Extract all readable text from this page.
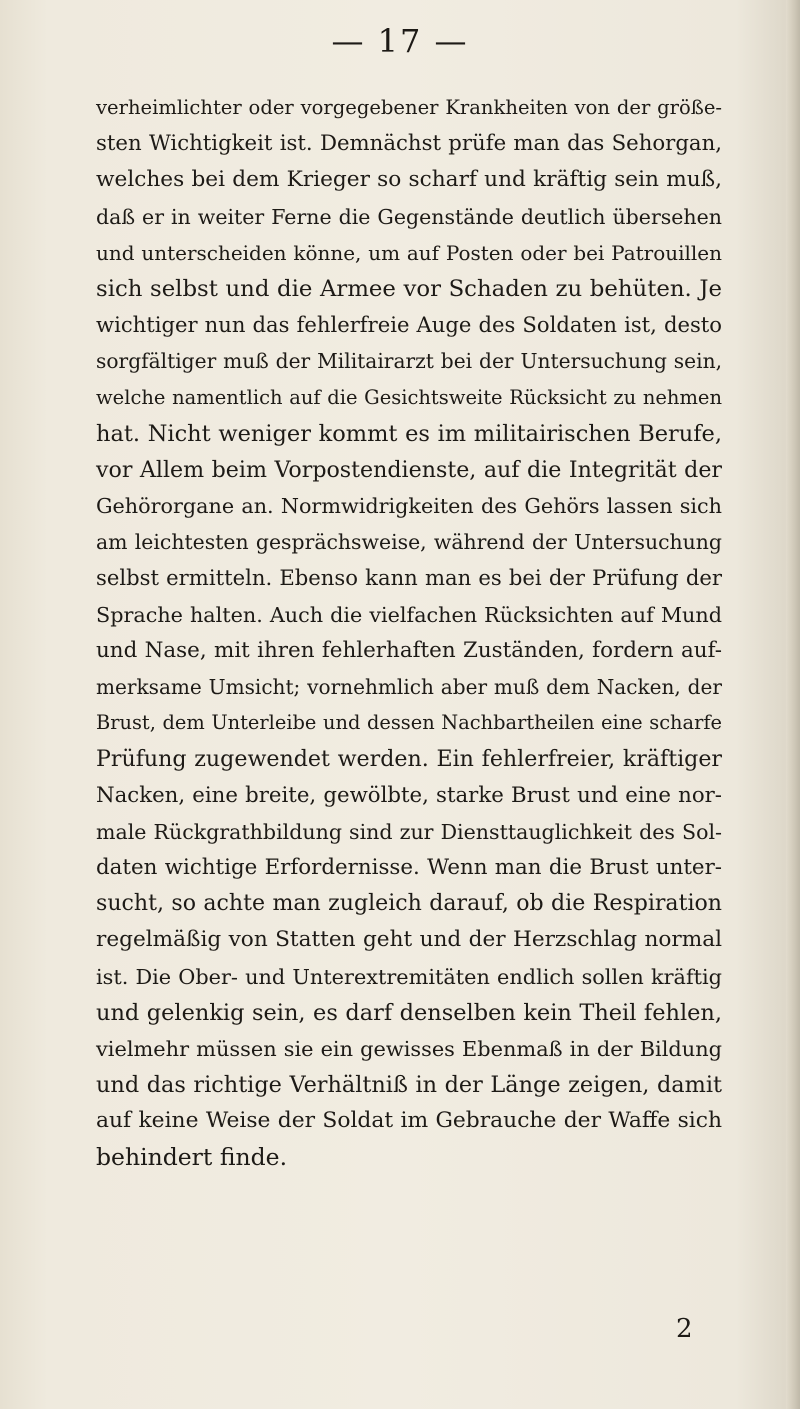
— 17 —
verheimlichter oder vorgegebener Krankheiten von der größe-
sten Wichtigkeit ist. Demnächst prüfe man das Sehorgan,
welches bei dem Krieger so scharf und kräftig sein muß,
daß er in weiter Ferne die Gegenstände deutlich übersehen
und unterscheiden könne, um auf Posten oder bei Patrouillen
sich selbst und die Armee vor Schaden zu behüten. Je
wichtiger nun das fehlerfreie Auge des Soldaten ist, desto
sorgfältiger muß der Militairarzt bei der Untersuchung sein,
welche namentlich auf die Gesichtsweite Rücksicht zu nehmen
hat. Nicht weniger kommt es im militairischen Berufe,
vor Allem beim Vorpostendienste, auf die Integrität der
Gehörorgane an. Normwidrigkeiten des Gehörs lassen sich
am leichtesten gesprächsweise, während der Untersuchung
selbst ermitteln. Ebenso kann man es bei der Prüfung der
Sprache halten. Auch die vielfachen Rücksichten auf Mund
und Nase, mit ihren fehlerhaften Zuständen, fordern auf-
merksame Umsicht; vornehmlich aber muß dem Nacken, der
Brust, dem Unterleibe und dessen Nachbartheilen eine scharfe
Prüfung zugewendet werden. Ein fehlerfreier, kräftiger
Nacken, eine breite, gewölbte, starke Brust und eine nor-
male Rückgrathbildung sind zur Diensttauglichkeit des Sol-
daten wichtige Erfordernisse. Wenn man die Brust unter-
sucht, so achte man zugleich darauf, ob die Respiration
regelmäßig von Statten geht und der Herzschlag normal
ist. Die Ober- und Unterextremitäten endlich sollen kräftig
und gelenkig sein, es darf denselben kein Theil fehlen,
vielmehr müssen sie ein gewisses Ebenmaß in der Bildung
und das richtige Verhältniß in der Länge zeigen, damit
auf keine Weise der Soldat im Gebrauche der Waffe sich
behindert finde.
2
